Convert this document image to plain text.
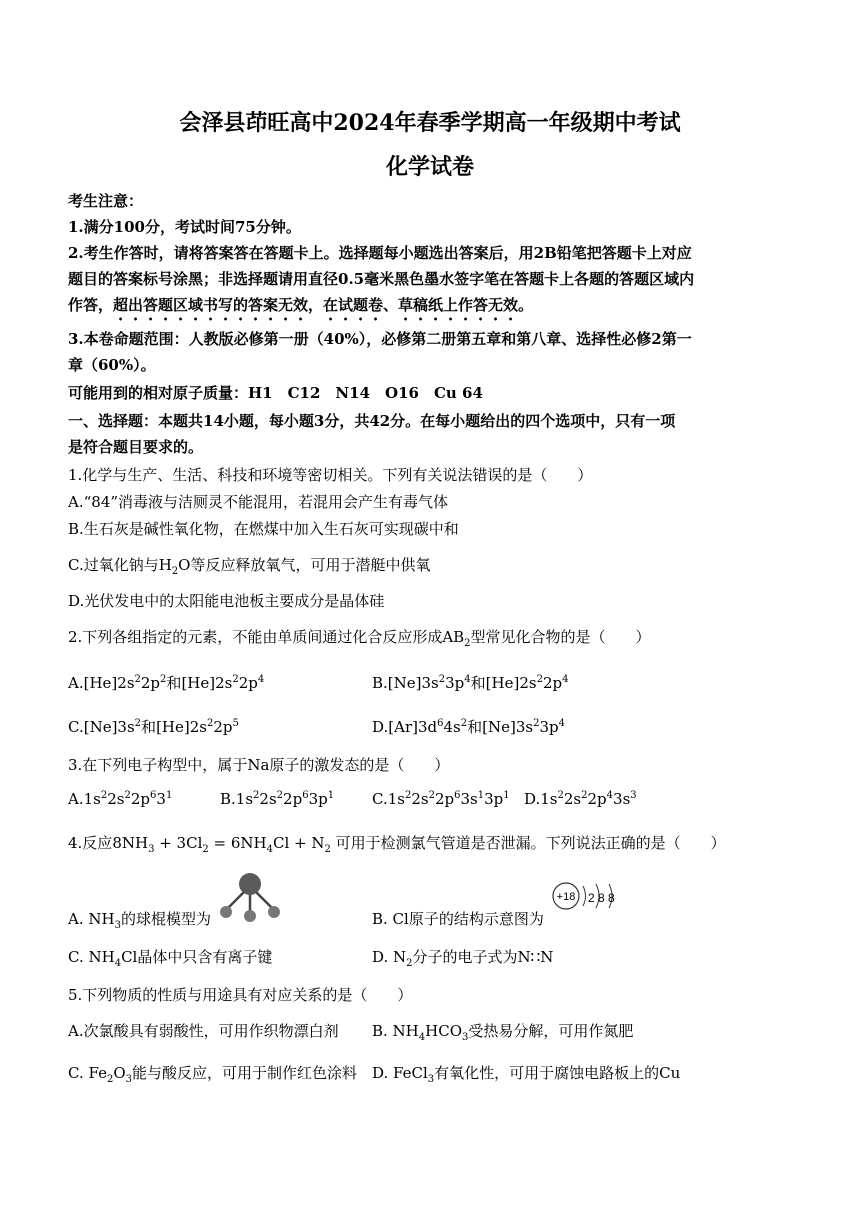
会泽县茚旺高中2024年春季学期高一年级期中考试
化学试卷
考生注意：
1.满分100分，考试时间75分钟。
2.考生作答时，请将答案答在答题卡上。选择题每小题选出答案后，用2B铅笔把答题卡上对应
题目的答案标号涂黑；非选择题请用直径0.5毫米黑色墨水签字笔在答题卡上各题的答题区域内
作答，超出答题区域书写的答案无效，在试题卷、草稿纸上作答无效。
3.本卷命题范围：人教版必修第一册（40%），必修第二册第五章和第八章、选择性必修2第一
章（60%）。
可能用到的相对原子质量：H1　C12　N14　O16　Cu 64
一、选择题：本题共14小题，每小题3分，共42分。在每小题给出的四个选项中，只有一项
是符合题目要求的。
1.化学与生产、生活、科技和环境等密切相关。下列有关说法错误的是（　　）
A.“84”消毒液与洁厕灵不能混用，若混用会产生有毒气体
B.生石灰是碱性氧化物，在燃煤中加入生石灰可实现碳中和
C.过氧化钠与$H_2O$等反应释放氧气，可用于潜艇中供氧
D.光伏发电中的太阳能电池板主要成分是晶体硅
2.下列各组指定的元素，不能由单质间通过化合反应形成$AB_2$型常见化合物的是（　　）
$A.[He]2s^22p^2$和$[He]2s^22p^4$	$B.[Ne]3s^23p^4$和$[He]2s^22p^4$
$C.[Ne]3s^2$和$[He]2s^22p^5$	$D.[Ar]3d^64s^2$和$[Ne]3s^23p^4$
3.在下列电子构型中，属于Na原子的激发态的是（　　）
$A.1s^22s^22p^63^1$	$B.1s^22s^22p^63p^1$	$C.1s^22s^22p^63s^13p^1$ $D.1s^22s^22p^43s^3$
4.反应$8NH_3 + 3Cl_2 = 6NH_4Cl + N_2$ 可用于检测氯气管道是否泄漏。下列说法正确的是（　　）
A. $NH_3$的球棍模型为	B. Cl原子的结构示意图为
+18 2 8 8
C. $NH_4Cl$晶体中只含有离子键	D. $N_2$分子的电子式为N∷N
5.下列物质的性质与用途具有对应关系的是（　　）
A.次氯酸具有弱酸性，可用作织物漂白剂 B. $NH_4HCO_3$受热易分解，可用作氮肥
C. $Fe_2O_3$能与酸反应，可用于制作红色涂料 D. FeCl$_3$有氧化性，可用于腐蚀电路板上的Cu
